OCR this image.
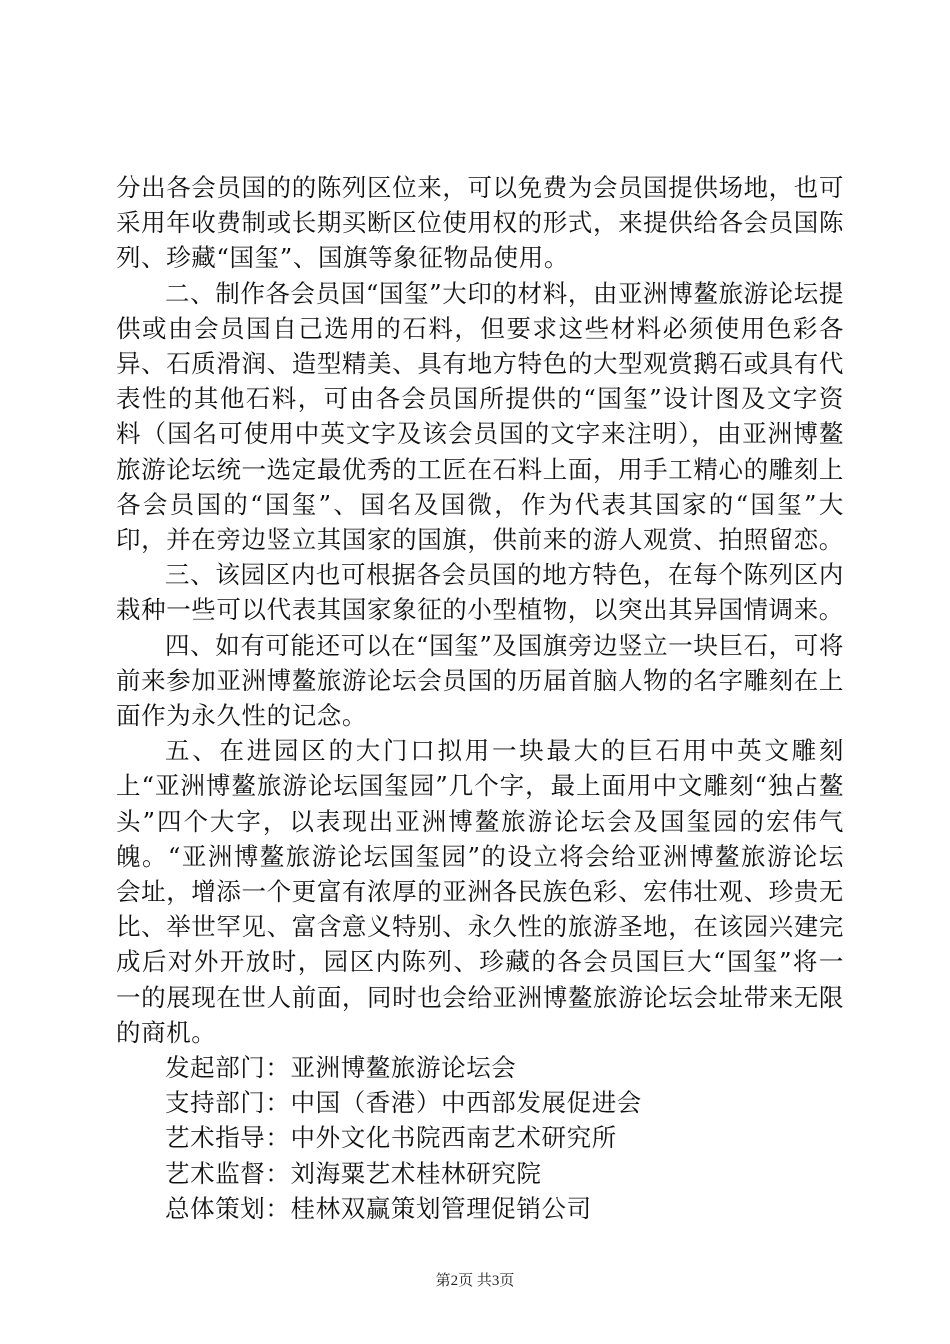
分出各会员国的的陈列区位来，可以免费为会员国提供场地，也可采用年收费制或长期买断区位使用权的形式，来提供给各会员国陈列、珍藏“国玺”、国旗等象征物品使用。

二、制作各会员国“国玺”大印的材料，由亚洲博鳌旅游论坛提供或由会员国自己选用的石料，但要求这些材料必须使用色彩各异、石质滑润、造型精美、具有地方特色的大型观赏鹅石或具有代表性的其他石料，可由各会员国所提供的“国玺”设计图及文字资料（国名可使用中英文字及该会员国的文字来注明），由亚洲博鳌旅游论坛统一选定最优秀的工匠在石料上面，用手工精心的雕刻上各会员国的“国玺”、国名及国微，作为代表其国家的“国玺”大印，并在旁边竖立其国家的国旗，供前来的游人观赏、拍照留恋。

三、该园区内也可根据各会员国的地方特色，在每个陈列区内栽种一些可以代表其国家象征的小型植物，以突出其异国情调来。

四、如有可能还可以在“国玺”及国旗旁边竖立一块巨石，可将前来参加亚洲博鳌旅游论坛会员国的历届首脑人物的名字雕刻在上面作为永久性的记念。

五、在进园区的大门口拟用一块最大的巨石用中英文雕刻上“亚洲博鳌旅游论坛国玺园”几个字，最上面用中文雕刻“独占鳌头”四个大字，以表现出亚洲博鳌旅游论坛会及国玺园的宏伟气魄。“亚洲博鳌旅游论坛国玺园”的设立将会给亚洲博鳌旅游论坛会址，增添一个更富有浓厚的亚洲各民族色彩、宏伟壮观、珍贵无比、举世罕见、富含意义特别、永久性的旅游圣地，在该园兴建完成后对外开放时，园区内陈列、珍藏的各会员国巨大“国玺”将一一的展现在世人前面，同时也会给亚洲博鳌旅游论坛会址带来无限的商机。

发起部门：亚洲博鳌旅游论坛会

支持部门：中国（香港）中西部发展促进会

艺术指导：中外文化书院西南艺术研究所

艺术监督：刘海粟艺术桂林研究院

总体策划：桂林双赢策划管理促销公司

第2页 共3页
